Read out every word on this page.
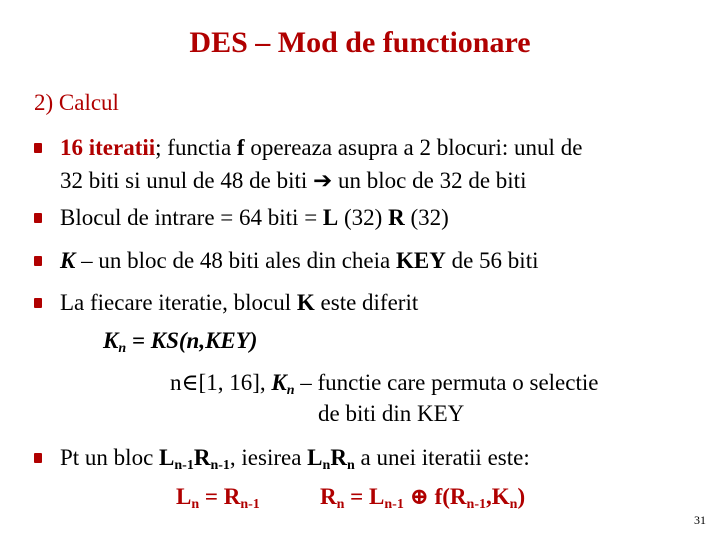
DES – Mod de functionare
2) Calcul
16 iteratii; functia f opereaza asupra a 2 blocuri: unul de
32 biti si unul de 48 de biti ➔ un bloc de 32 de biti
Blocul de intrare = 64 biti = L (32) R (32)
K – un bloc de 48 biti ales din cheia KEY de 56 biti
La fiecare iteratie, blocul K este diferit
$K_n = KS(n,KEY)$
n∈[1, 16], $K_n$ – functie care permuta o selectie
de biti din KEY
Pt un bloc $L_{n-1}R_{n-1}$, iesirea $L_nR_n$ a unei iteratii este:
$L_n = R_{n-1}$	$R_n = L_{n-1}$ ⊕ $f(R_{n-1},K_n)$
31
